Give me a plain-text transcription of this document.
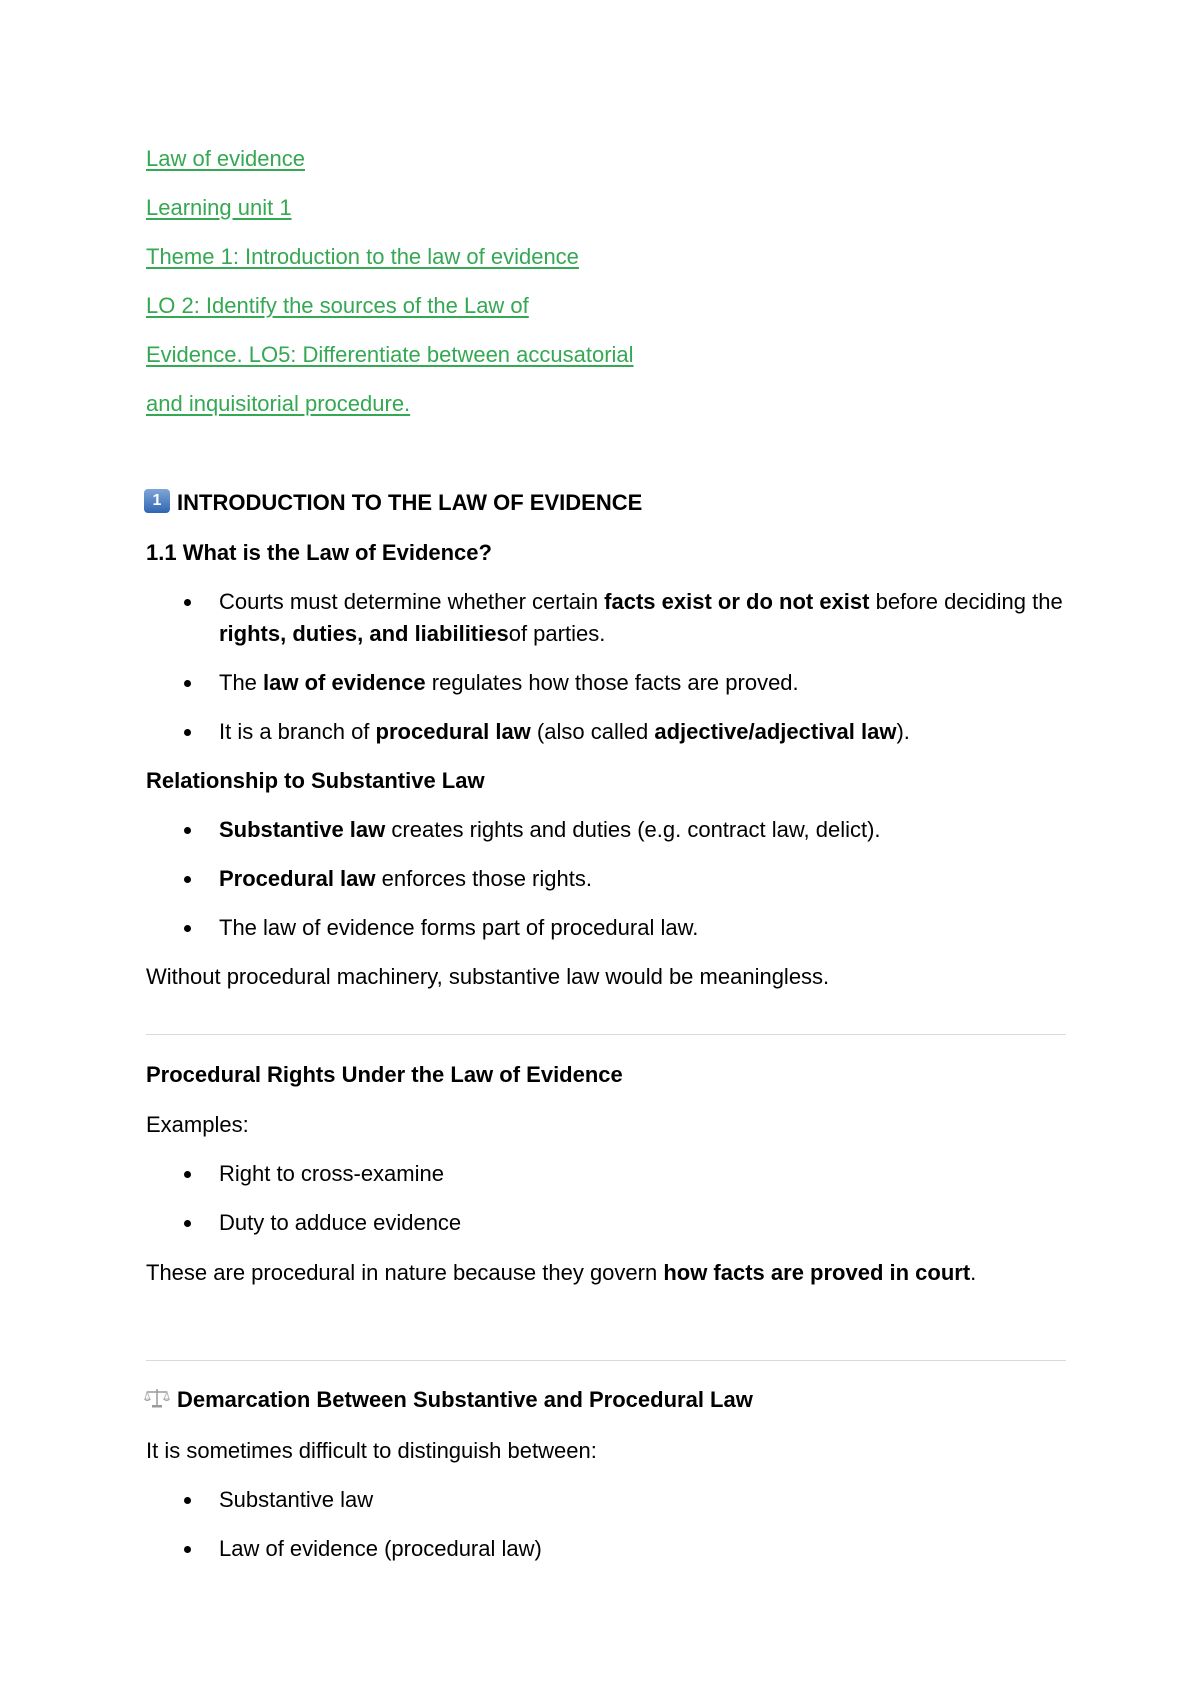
Law of evidence
Learning unit 1
Theme 1: Introduction to the law of evidence
LO 2: Identify the sources of the Law of
Evidence. LO5: Differentiate between accusatorial
and inquisitorial procedure.
1 INTRODUCTION TO THE LAW OF EVIDENCE
1.1 What is the Law of Evidence?
Courts must determine whether certain facts exist or do not exist before deciding the rights, duties, and liabilitiesof parties.
The law of evidence regulates how those facts are proved.
It is a branch of procedural law (also called adjective/adjectival law).
Relationship to Substantive Law
Substantive law creates rights and duties (e.g. contract law, delict).
Procedural law enforces those rights.
The law of evidence forms part of procedural law.
Without procedural machinery, substantive law would be meaningless.
Procedural Rights Under the Law of Evidence
Examples:
Right to cross-examine
Duty to adduce evidence
These are procedural in nature because they govern how facts are proved in court.
Demarcation Between Substantive and Procedural Law
It is sometimes difficult to distinguish between:
Substantive law
Law of evidence (procedural law)
